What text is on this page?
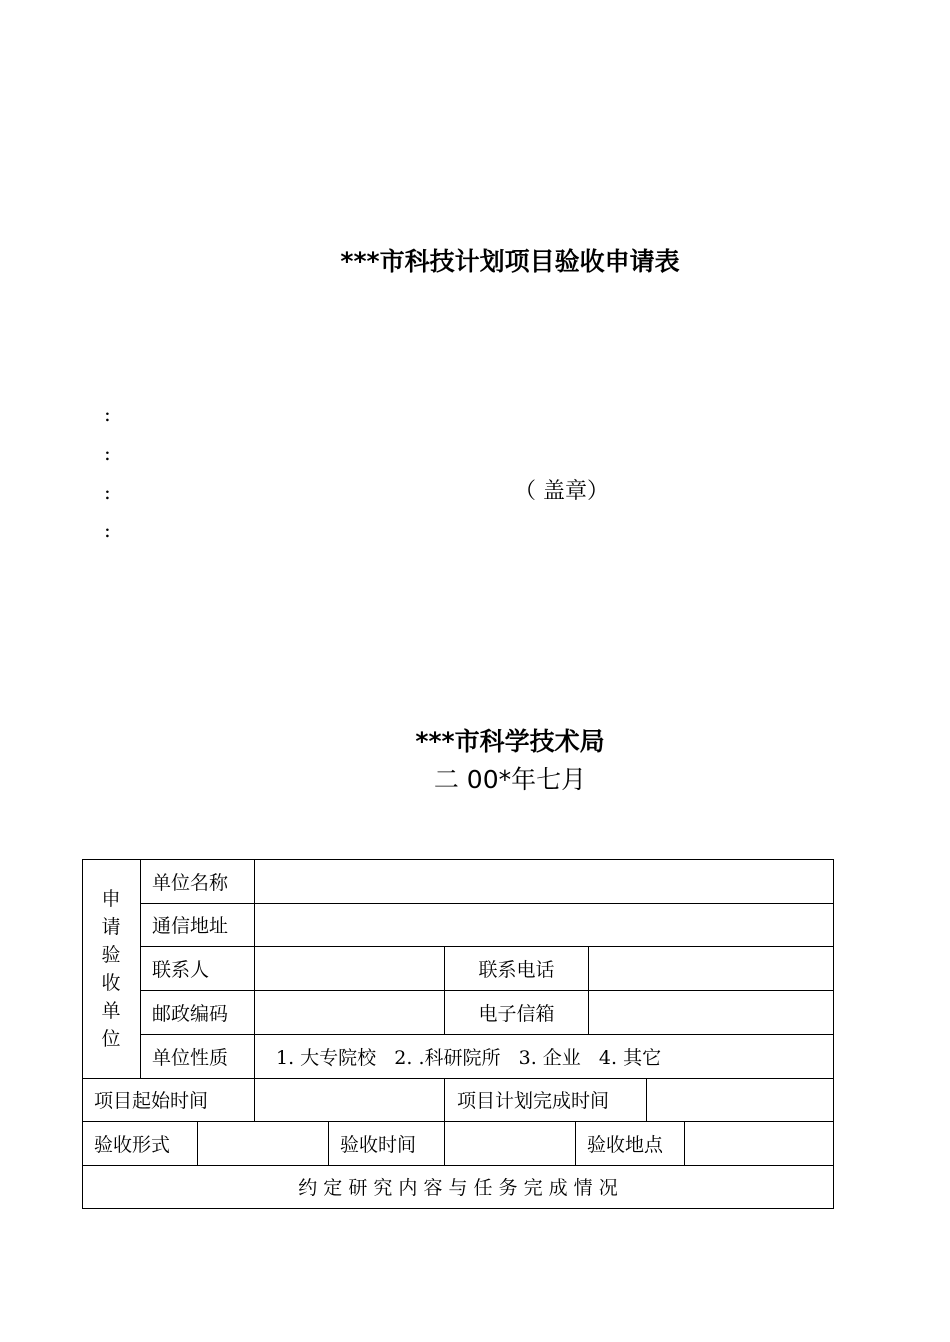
***市科技计划项目验收申请表
:
:
:
:
（ 盖章）
***市科学技术局
二 00*年七月
申
请
验
收
单
位
单位名称
通信地址
联系人	联系电话
邮政编码	电子信箱
单位性质	1. 大专院校   2. .科研院所   3. 企业   4. 其它
项目起始时间	项目计划完成时间
验收形式	验收时间	验收地点
约 定 研 究 内 容 与 任 务 完 成 情 况
